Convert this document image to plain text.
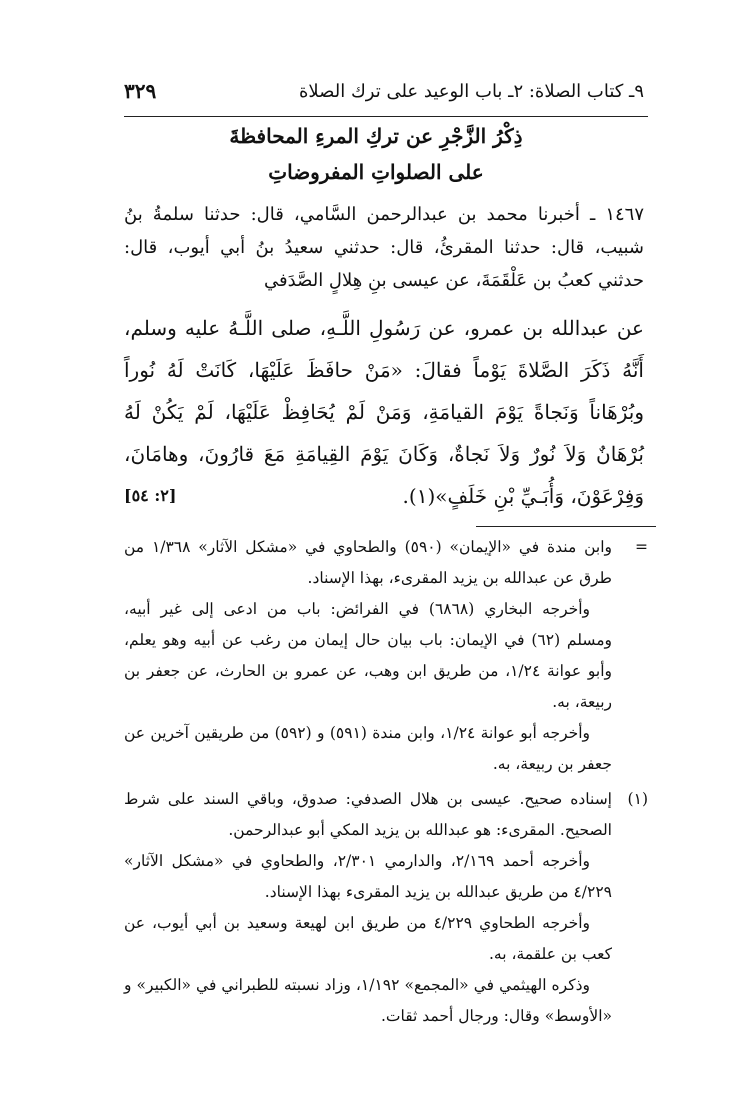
٩ـ كتاب الصلاة: ٢ـ باب الوعيد على ترك الصلاة
٣٢٩
ذِكْرُ الزَّجْرِ عن تركِ المرءِ المحافظةَ
على الصلواتِ المفروضاتِ

١٤٦٧ ـ أخبرنا محمد بن عبدالرحمن السَّامي، قال: حدثنا سلمةُ بنُ شبيب، قال: حدثنا المقرئُ، قال: حدثني سعيدُ بنُ أبي أيوب، قال: حدثني كعبُ بن عَلْقَمَةَ، عن عيسى بنِ هِلالٍ الصَّدَفي

عن عبدالله بن عمرو، عن رَسُولِ اللَّـهِ، صلى اللَّـهُ عليه وسلم، أَنَّهُ ذَكَرَ الصَّلاةَ يَوْماً فقالَ: «مَنْ حافَظَ عَلَيْهَا، كَانَتْ لَهُ نُوراً وبُرْهَاناً وَنَجاةً يَوْمَ القيامَةِ، وَمَنْ لَمْ يُحَافِظْ عَلَيْهَا، لَمْ يَكُنْ لَهُ بُرْهَانٌ وَلاَ نُورٌ وَلاَ نَجاةٌ، وَكَانَ يَوْمَ القِيامَةِ مَعَ قارُونَ، وهامَانَ، وَفِرْعَوْنَ، وَأُبَـيِّ بْنِ خَلَفٍ»(١).
[٢: ٥٤]

=
وابن مندة في «الإيمان» (٥٩٠) والطحاوي في «مشكل الآثار» ١/٣٦٨ من طرق عن عبدالله بن يزيد المقرىء، بهذا الإسناد.

وأخرجه البخاري (٦٨٦٨) في الفرائض: باب من ادعى إلى غير أبيه، ومسلم (٦٢) في الإيمان: باب بيان حال إيمان من رغب عن أبيه وهو يعلم، وأبو عوانة ١/٢٤، من طريق ابن وهب، عن عمرو بن الحارث، عن جعفر بن ربيعة، به.

وأخرجه أبو عوانة ١/٢٤، وابن مندة (٥٩١) و (٥٩٢) من طريقين آخرين عن جعفر بن ربيعة، به.

(١)
إسناده صحيح. عيسى بن هلال الصدفي: صدوق، وباقي السند على شرط الصحيح. المقرىء: هو عبدالله بن يزيد المكي أبو عبدالرحمن.

وأخرجه أحمد ٢/١٦٩، والدارمي ٢/٣٠١، والطحاوي في «مشكل الآثار» ٤/٢٢٩ من طريق عبدالله بن يزيد المقرىء بهذا الإسناد.

وأخرجه الطحاوي ٤/٢٢٩ من طريق ابن لهيعة وسعيد بن أبي أيوب، عن كعب بن علقمة، به.

وذكره الهيثمي في «المجمع» ١/١٩٢، وزاد نسبته للطبراني في «الكبير» و «الأوسط» وقال: ورجال أحمد ثقات.
